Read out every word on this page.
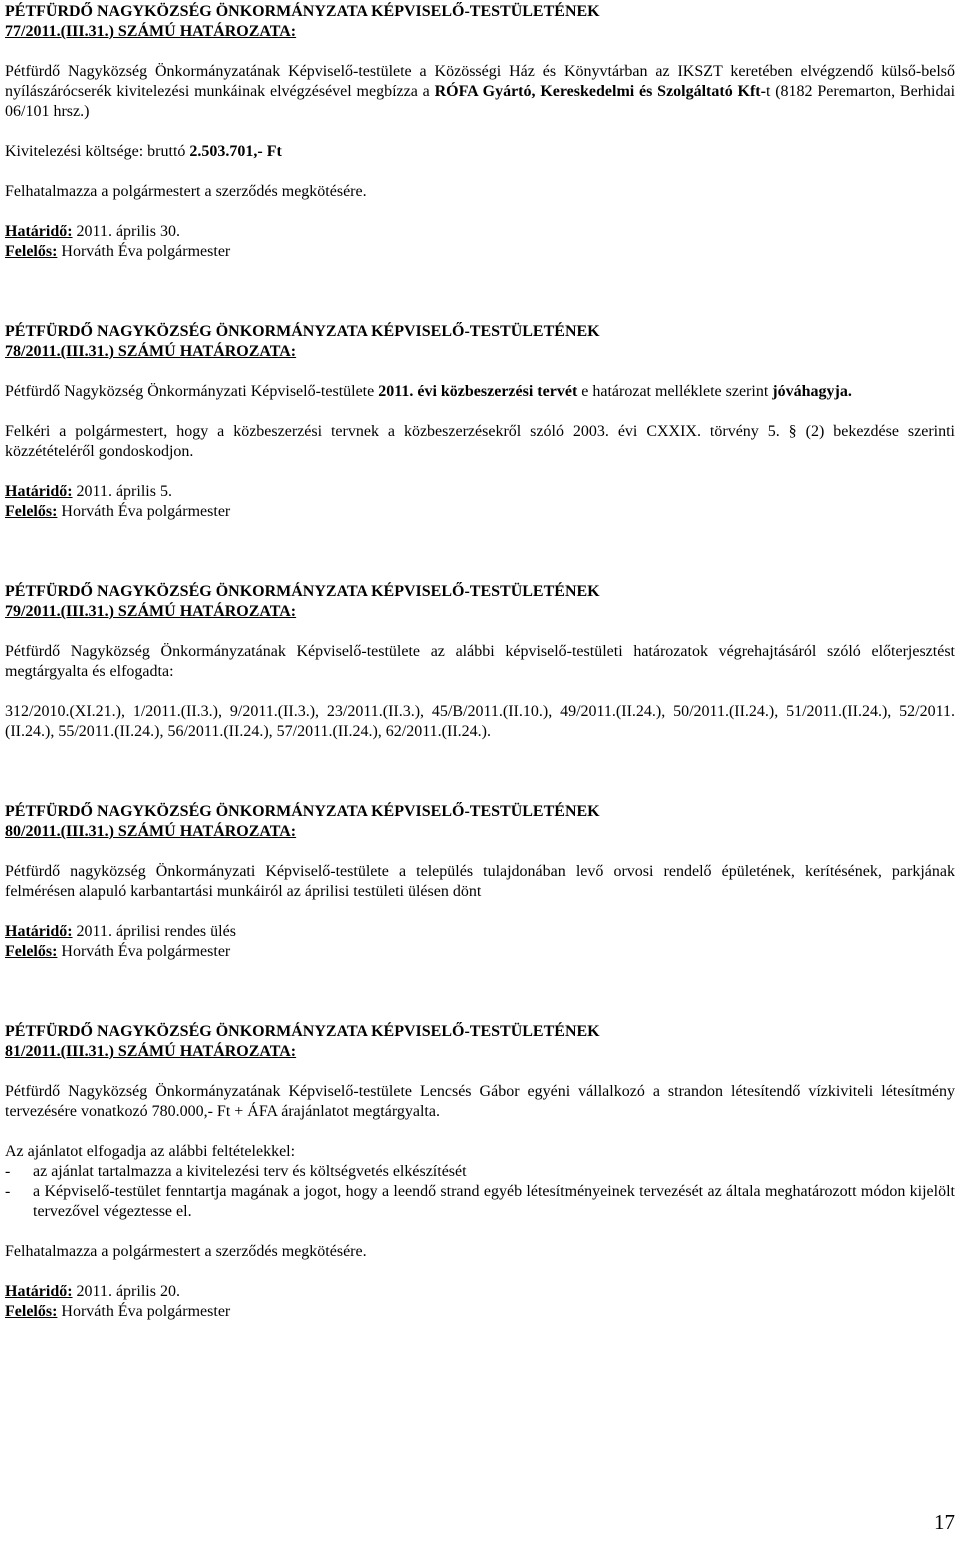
PÉTFÜRDŐ NAGYKÖZSÉG ÖNKORMÁNYZATA KÉPVISELŐ-TESTÜLETÉNEK
77/2011.(III.31.) SZÁMÚ HATÁROZATA:

Pétfürdő Nagyközség Önkormányzatának Képviselő-testülete a Közösségi Ház és Könyvtárban az IKSZT keretében elvégzendő külső-belső nyílászárócserék kivitelezési munkáinak elvégzésével megbízza a RÓFA Gyártó, Kereskedelmi és Szolgáltató Kft-t (8182 Peremarton, Berhidai 06/101 hrsz.)

Kivitelezési költsége: bruttó 2.503.701,- Ft

Felhatalmazza a polgármestert a szerződés megkötésére.

Határidő: 2011. április 30.

Felelős: Horváth Éva polgármester

PÉTFÜRDŐ NAGYKÖZSÉG ÖNKORMÁNYZATA KÉPVISELŐ-TESTÜLETÉNEK
78/2011.(III.31.) SZÁMÚ HATÁROZATA:

Pétfürdő Nagyközség Önkormányzati Képviselő-testülete 2011. évi közbeszerzési tervét e határozat melléklete szerint jóváhagyja.

Felkéri a polgármestert, hogy a közbeszerzési tervnek a közbeszerzésekről szóló 2003. évi CXXIX. törvény 5. § (2) bekezdése szerinti közzétételéről gondoskodjon.

Határidő: 2011. április 5.

Felelős: Horváth Éva polgármester

PÉTFÜRDŐ NAGYKÖZSÉG ÖNKORMÁNYZATA KÉPVISELŐ-TESTÜLETÉNEK
79/2011.(III.31.) SZÁMÚ HATÁROZATA:

Pétfürdő Nagyközség Önkormányzatának Képviselő-testülete az alábbi képviselő-testületi határozatok végrehajtásáról szóló előterjesztést megtárgyalta és elfogadta:

312/2010.(XI.21.), 1/2011.(II.3.), 9/2011.(II.3.), 23/2011.(II.3.), 45/B/2011.(II.10.), 49/2011.(II.24.), 50/2011.(II.24.), 51/2011.(II.24.), 52/2011.(II.24.), 55/2011.(II.24.), 56/2011.(II.24.), 57/2011.(II.24.), 62/2011.(II.24.).

PÉTFÜRDŐ NAGYKÖZSÉG ÖNKORMÁNYZATA KÉPVISELŐ-TESTÜLETÉNEK
80/2011.(III.31.) SZÁMÚ HATÁROZATA:

Pétfürdő nagyközség Önkormányzati Képviselő-testülete a település tulajdonában levő orvosi rendelő épületének, kerítésének, parkjának felmérésen alapuló karbantartási munkáiról az áprilisi testületi ülésen dönt

Határidő: 2011. áprilisi rendes ülés

Felelős: Horváth Éva polgármester

PÉTFÜRDŐ NAGYKÖZSÉG ÖNKORMÁNYZATA KÉPVISELŐ-TESTÜLETÉNEK
81/2011.(III.31.) SZÁMÚ HATÁROZATA:

Pétfürdő Nagyközség Önkormányzatának Képviselő-testülete Lencsés Gábor egyéni vállalkozó a strandon létesítendő vízkiviteli létesítmény tervezésére vonatkozó 780.000,- Ft + ÁFA árajánlatot megtárgyalta.

Az ajánlatot elfogadja az alábbi feltételekkel:

-	az ajánlat tartalmazza a kivitelezési terv és költségvetés elkészítését
-	a Képviselő-testület fenntartja magának a jogot, hogy a leendő strand egyéb létesítményeinek tervezését az általa meghatározott módon kijelölt tervezővel végeztesse el.

Felhatalmazza a polgármestert a szerződés megkötésére.

Határidő: 2011. április 20.

Felelős: Horváth Éva polgármester

17
